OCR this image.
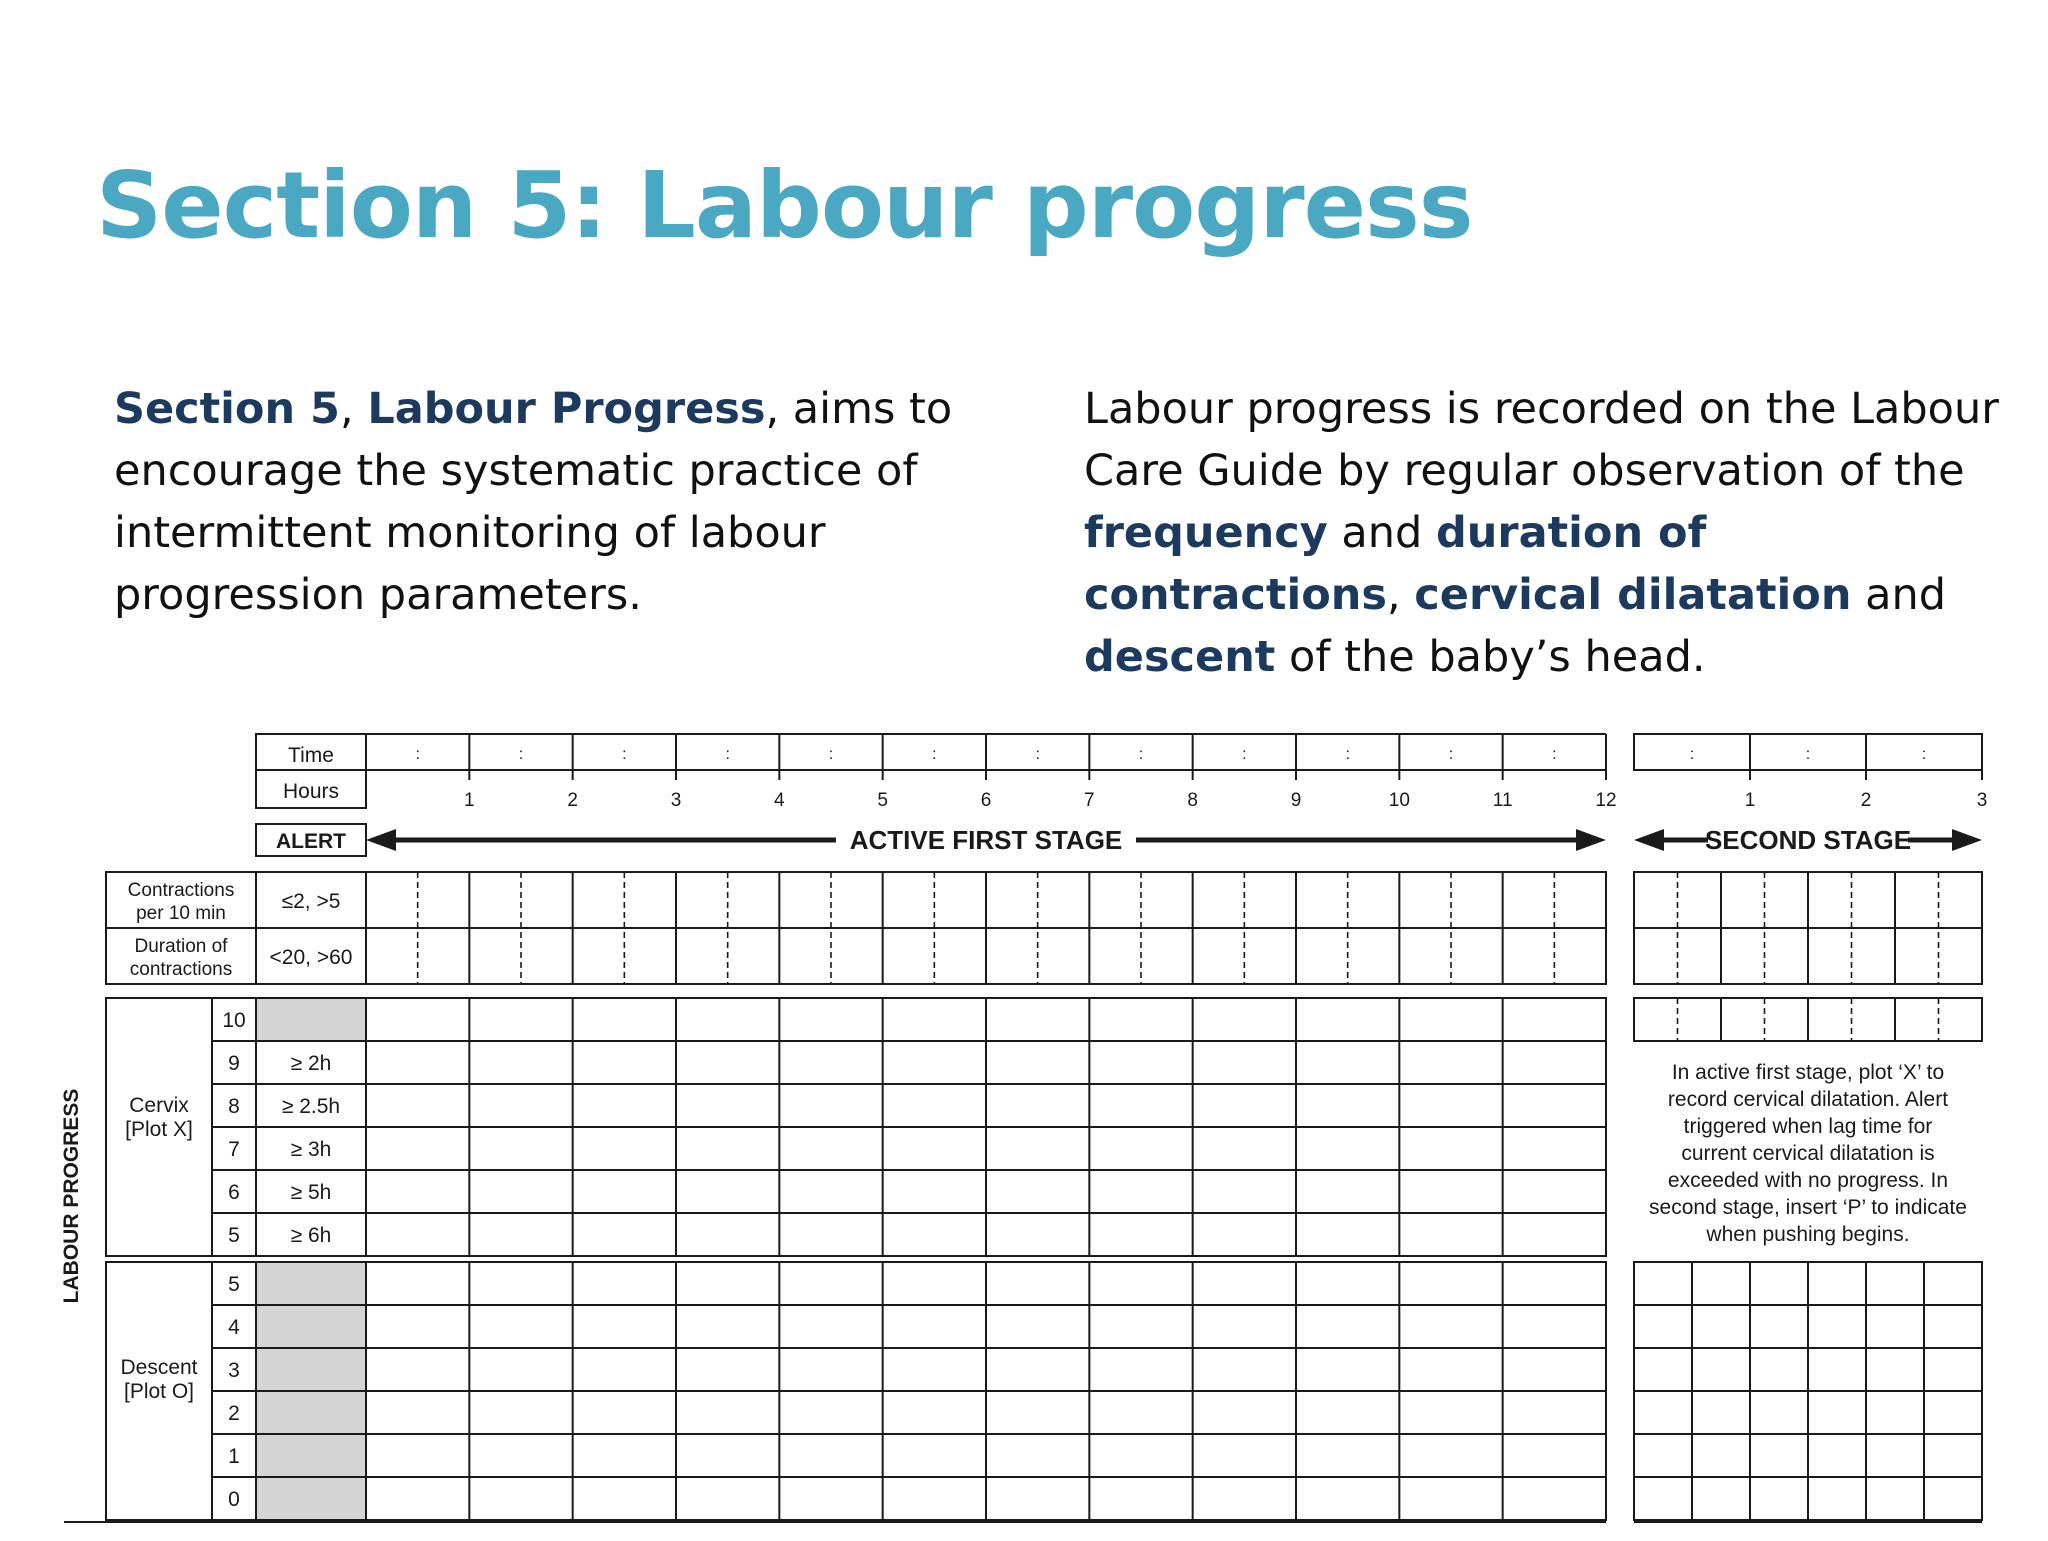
Section 5: Labour progress

Section 5, Labour Progress, aims to encourage the systematic practice of intermittent monitoring of labour progression parameters.

Labour progress is recorded on the Labour Care Guide by regular observation of the frequency and duration of contractions, cervical dilatation and descent of the baby’s head.

Time
Hours
:
1
:
2
:
3
:
4
:
5
:
6
:
7
:
8
:
9
:
10
:
11
:
12
:
1
:
2
:
3
ALERT	ACTIVE FIRST STAGE	SECOND STAGE
Contractions
per 10 min
≤2, >5
Duration of
contractions
<20, >60
10
9 ≥ 2h
8 ≥ 2.5h
7 ≥ 3h
6 ≥ 5h
5 ≥ 6h
Cervix
[Plot X]
In active first stage, plot ‘X’ to
record cervical dilatation. Alert
triggered when lag time for
current cervical dilatation is
exceeded with no progress. In
second stage, insert ‘P’ to indicate
when pushing begins.
5
4
3
2
1
0
Descent
[Plot O]
LABOUR PROGRESS
